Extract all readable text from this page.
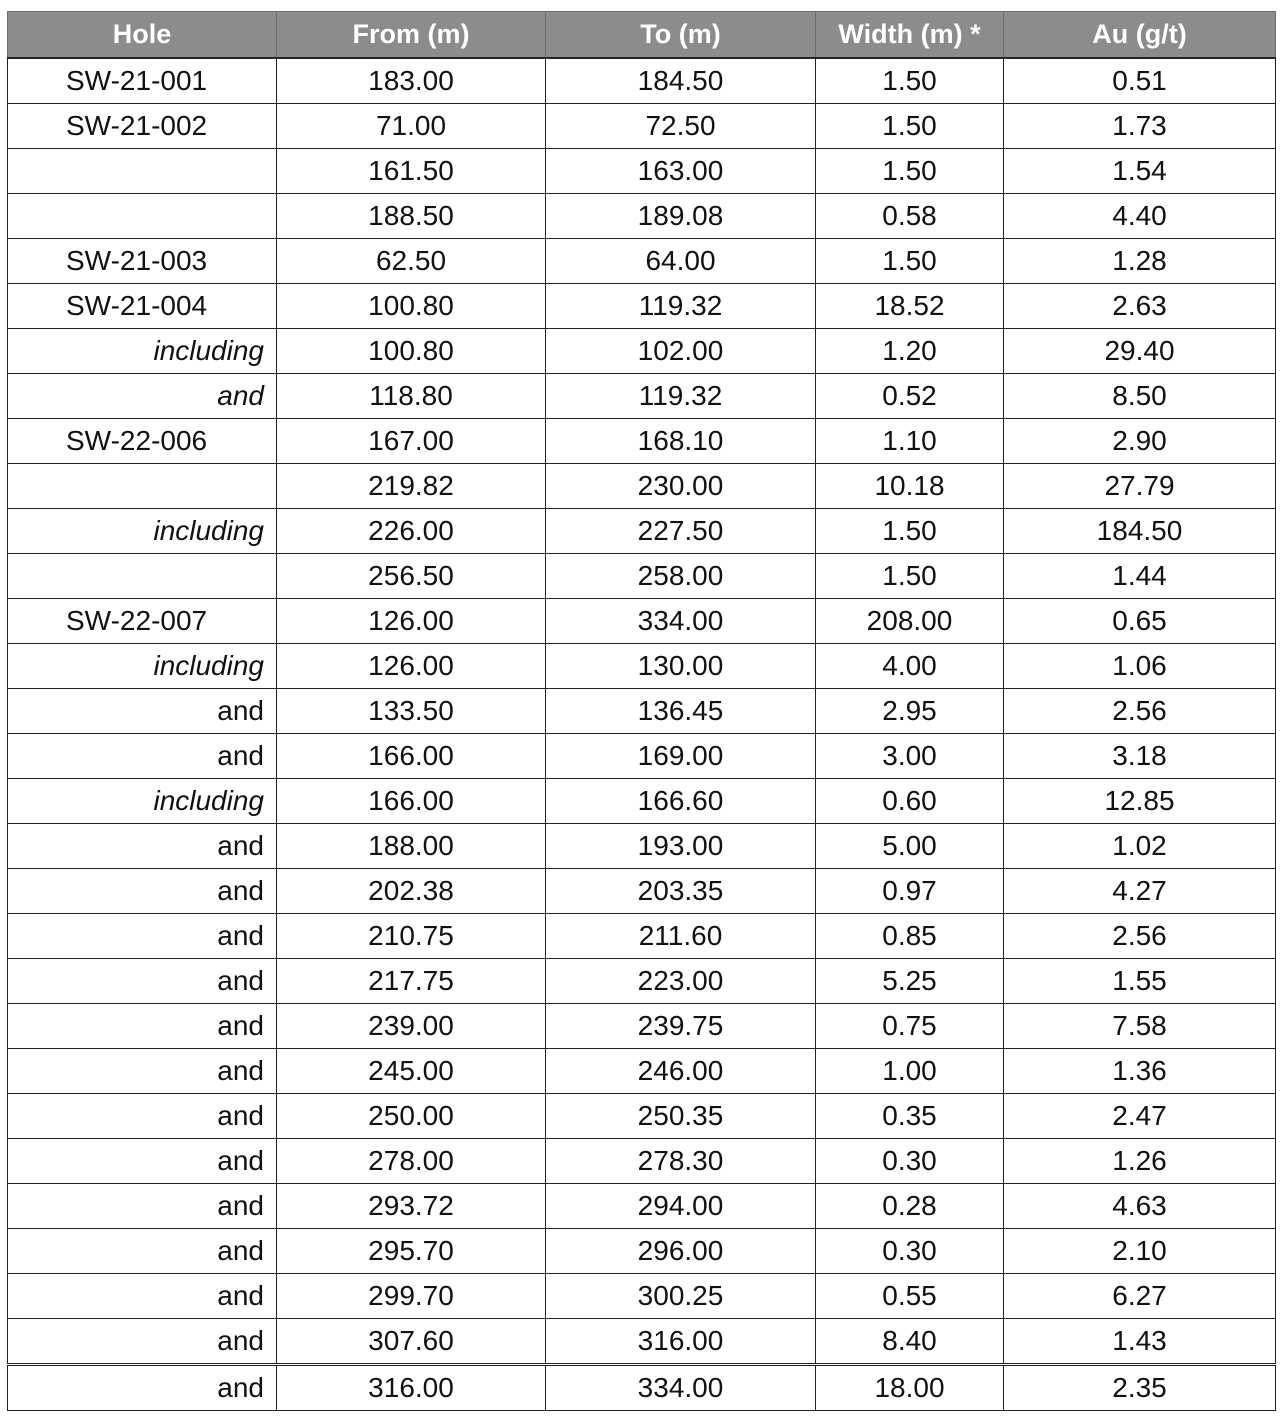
Hole	From (m)	To (m)	Width (m) *	Au (g/t)
SW-21-001	183.00	184.50	1.50	0.51
SW-21-002	71.00	72.50	1.50	1.73
	161.50	163.00	1.50	1.54
	188.50	189.08	0.58	4.40
SW-21-003	62.50	64.00	1.50	1.28
SW-21-004	100.80	119.32	18.52	2.63
including	100.80	102.00	1.20	29.40
and	118.80	119.32	0.52	8.50
SW-22-006	167.00	168.10	1.10	2.90
	219.82	230.00	10.18	27.79
including	226.00	227.50	1.50	184.50
	256.50	258.00	1.50	1.44
SW-22-007	126.00	334.00	208.00	0.65
including	126.00	130.00	4.00	1.06
and	133.50	136.45	2.95	2.56
and	166.00	169.00	3.00	3.18
including	166.00	166.60	0.60	12.85
and	188.00	193.00	5.00	1.02
and	202.38	203.35	0.97	4.27
and	210.75	211.60	0.85	2.56
and	217.75	223.00	5.25	1.55
and	239.00	239.75	0.75	7.58
and	245.00	246.00	1.00	1.36
and	250.00	250.35	0.35	2.47
and	278.00	278.30	0.30	1.26
and	293.72	294.00	0.28	4.63
and	295.70	296.00	0.30	2.10
and	299.70	300.25	0.55	6.27
and	307.60	316.00	8.40	1.43
and	316.00	334.00	18.00	2.35
